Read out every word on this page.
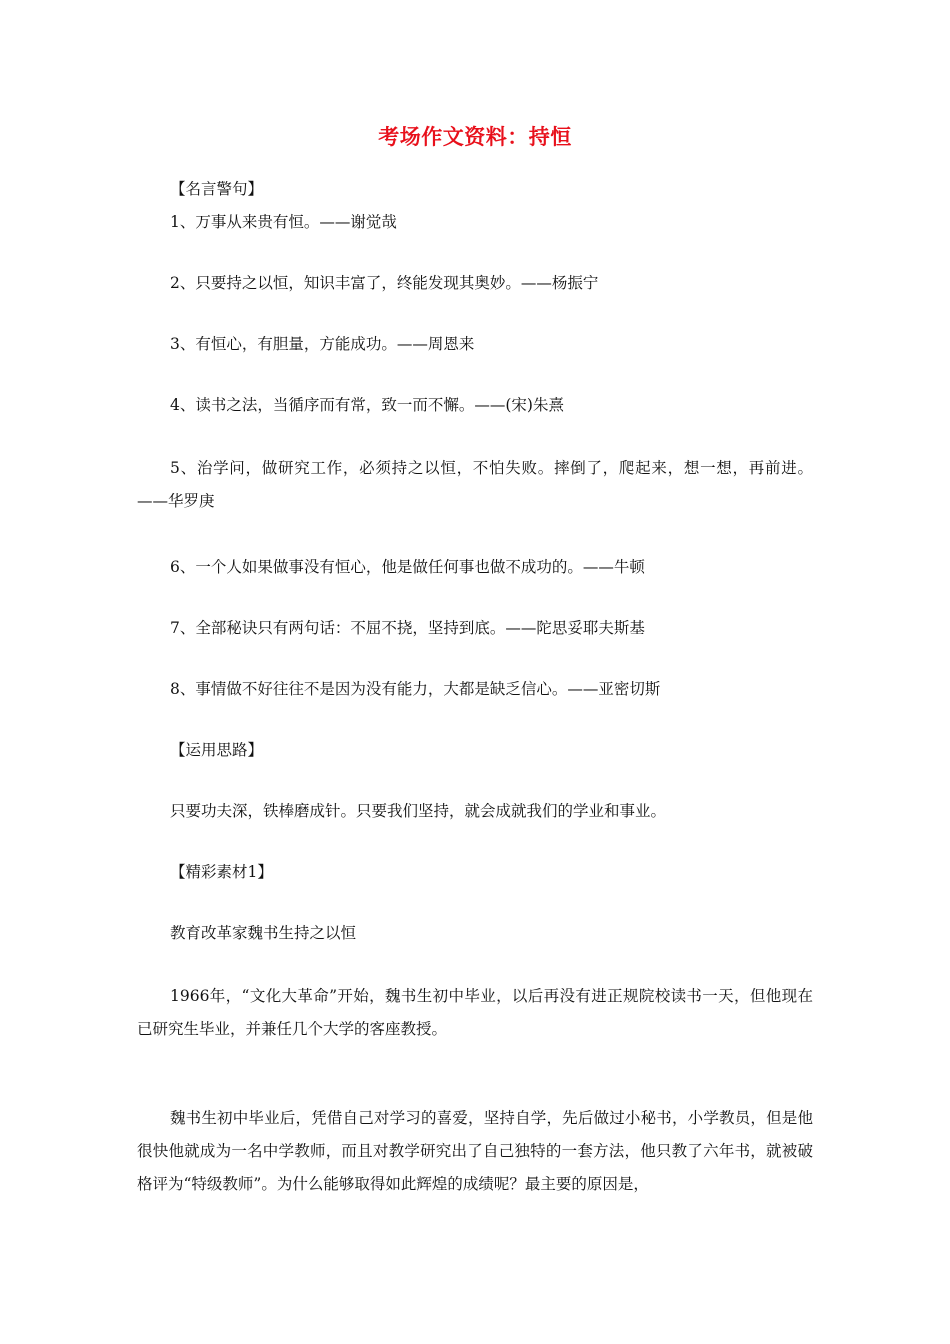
考场作文资料：持恒
【名言警句】
1、万事从来贵有恒。——谢觉哉
2、只要持之以恒，知识丰富了，终能发现其奥妙。——杨振宁
3、有恒心，有胆量，方能成功。——周恩来
4、读书之法，当循序而有常，致一而不懈。——(宋)朱熹
5、治学问，做研究工作，必须持之以恒，不怕失败。摔倒了，爬起来，想一想，再前进。——华罗庚
6、一个人如果做事没有恒心，他是做任何事也做不成功的。——牛顿
7、全部秘诀只有两句话：不屈不挠，坚持到底。——陀思妥耶夫斯基
8、事情做不好往往不是因为没有能力，大都是缺乏信心。——亚密切斯
【运用思路】
只要功夫深，铁棒磨成针。只要我们坚持，就会成就我们的学业和事业。
【精彩素材1】
教育改革家魏书生持之以恒
1966年，“文化大革命”开始，魏书生初中毕业，以后再没有进正规院校读书一天，但他现在已研究生毕业，并兼任几个大学的客座教授。
魏书生初中毕业后，凭借自己对学习的喜爱，坚持自学，先后做过小秘书，小学教员，但是他很快他就成为一名中学教师，而且对教学研究出了自己独特的一套方法，他只教了六年书，就被破格评为“特级教师”。为什么能够取得如此辉煌的成绩呢？最主要的原因是，
